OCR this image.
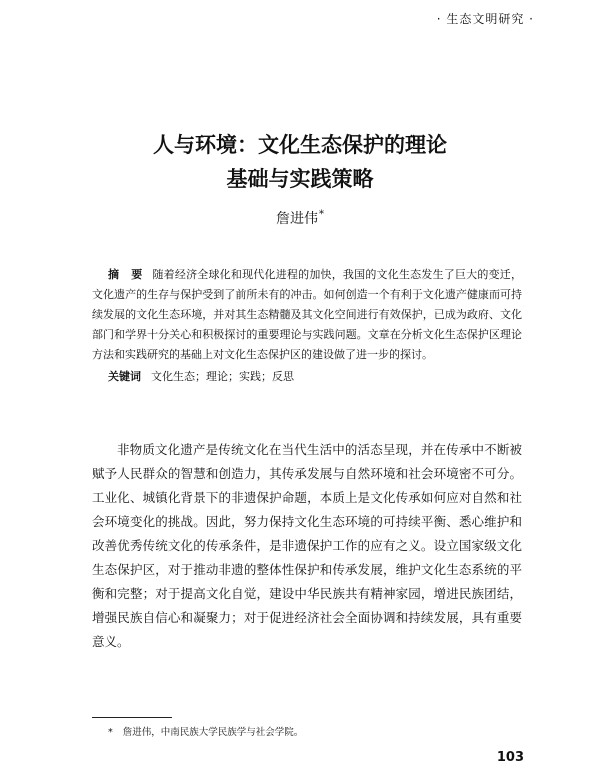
· 生态文明研究 ·
人与环境：文化生态保护的理论
基础与实践策略
詹进伟*

摘 要 随着经济全球化和现代化进程的加快，我国的文化生态发生了巨大的变迁，文化遗产的生存与保护受到了前所未有的冲击。如何创造一个有利于文化遗产健康而可持续发展的文化生态环境，并对其生态精髓及其文化空间进行有效保护，已成为政府、文化部门和学界十分关心和积极探讨的重要理论与实践问题。文章在分析文化生态保护区理论方法和实践研究的基础上对文化生态保护区的建设做了进一步的探讨。

关键词 文化生态；理论；实践；反思

非物质文化遗产是传统文化在当代生活中的活态呈现，并在传承中不断被赋予人民群众的智慧和创造力，其传承发展与自然环境和社会环境密不可分。工业化、城镇化背景下的非遗保护命题，本质上是文化传承如何应对自然和社会环境变化的挑战。因此，努力保持文化生态环境的可持续平衡、悉心维护和改善优秀传统文化的传承条件，是非遗保护工作的应有之义。设立国家级文化生态保护区，对于推动非遗的整体性保护和传承发展，维护文化生态系统的平衡和完整；对于提高文化自觉，建设中华民族共有精神家园，增进民族团结，增强民族自信心和凝聚力；对于促进经济社会全面协调和持续发展，具有重要意义。

* 詹进伟，中南民族大学民族学与社会学院。
103
